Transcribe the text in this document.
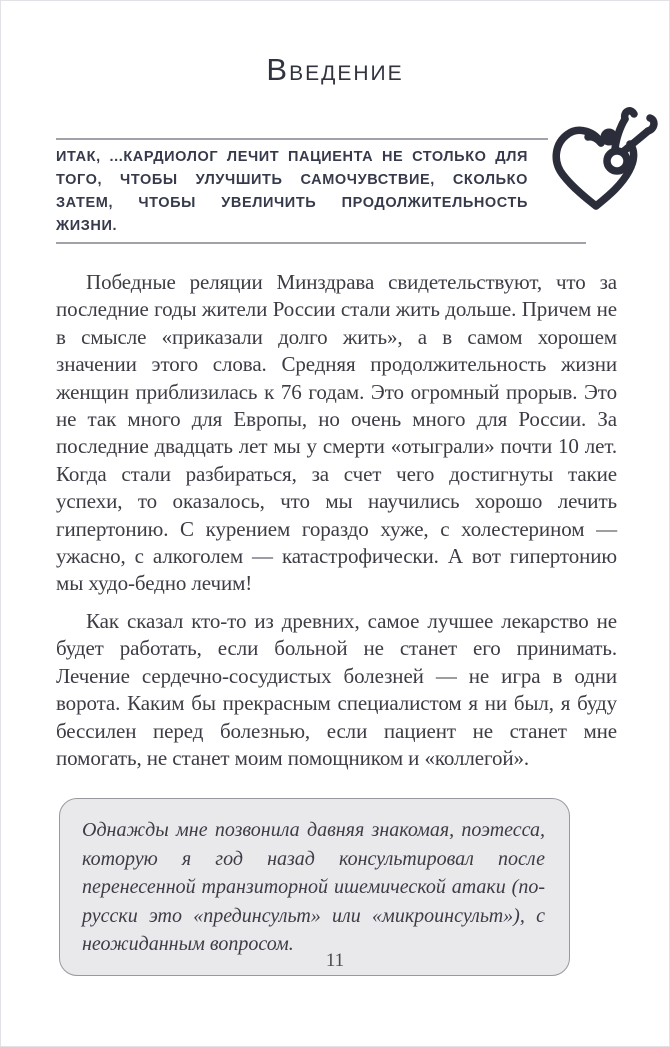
ВВЕДЕНИЕ
ИТАК, ...КАРДИОЛОГ ЛЕЧИТ ПАЦИЕНТА НЕ СТОЛЬКО ДЛЯ ТОГО, ЧТОБЫ УЛУЧШИТЬ САМОЧУВСТВИЕ, СКОЛЬКО ЗАТЕМ, ЧТОБЫ УВЕЛИЧИТЬ ПРОДОЛЖИТЕЛЬНОСТЬ ЖИЗНИ.

Победные реляции Минздрава свидетельствуют, что за последние годы жители России стали жить дольше. Причем не в смысле «приказали долго жить», а в самом хорошем значении этого слова. Средняя продолжительность жизни женщин приблизилась к 76 годам. Это огромный прорыв. Это не так много для Европы, но очень много для России. За последние двадцать лет мы у смерти «отыграли» почти 10 лет. Когда стали разбираться, за счет чего достигнуты такие успехи, то оказалось, что мы научились хорошо лечить гипертонию. С курением гораздо хуже, с холестерином — ужасно, с алкоголем — катастрофически. А вот гипертонию мы худо-бедно лечим!

Как сказал кто-то из древних, самое лучшее лекарство не будет работать, если больной не станет его принимать. Лечение сердечно-сосудистых болезней — не игра в одни ворота. Каким бы прекрасным специалистом я ни был, я буду бессилен перед болезнью, если пациент не станет мне помогать, не станет моим помощником и «коллегой».

Однажды мне позвонила давняя знакомая, поэтесса, которую я год назад консультировал после перенесенной транзиторной ишемической атаки (по-русски это «прединсульт» или «микроинсульт»), с неожиданным вопросом.

11
